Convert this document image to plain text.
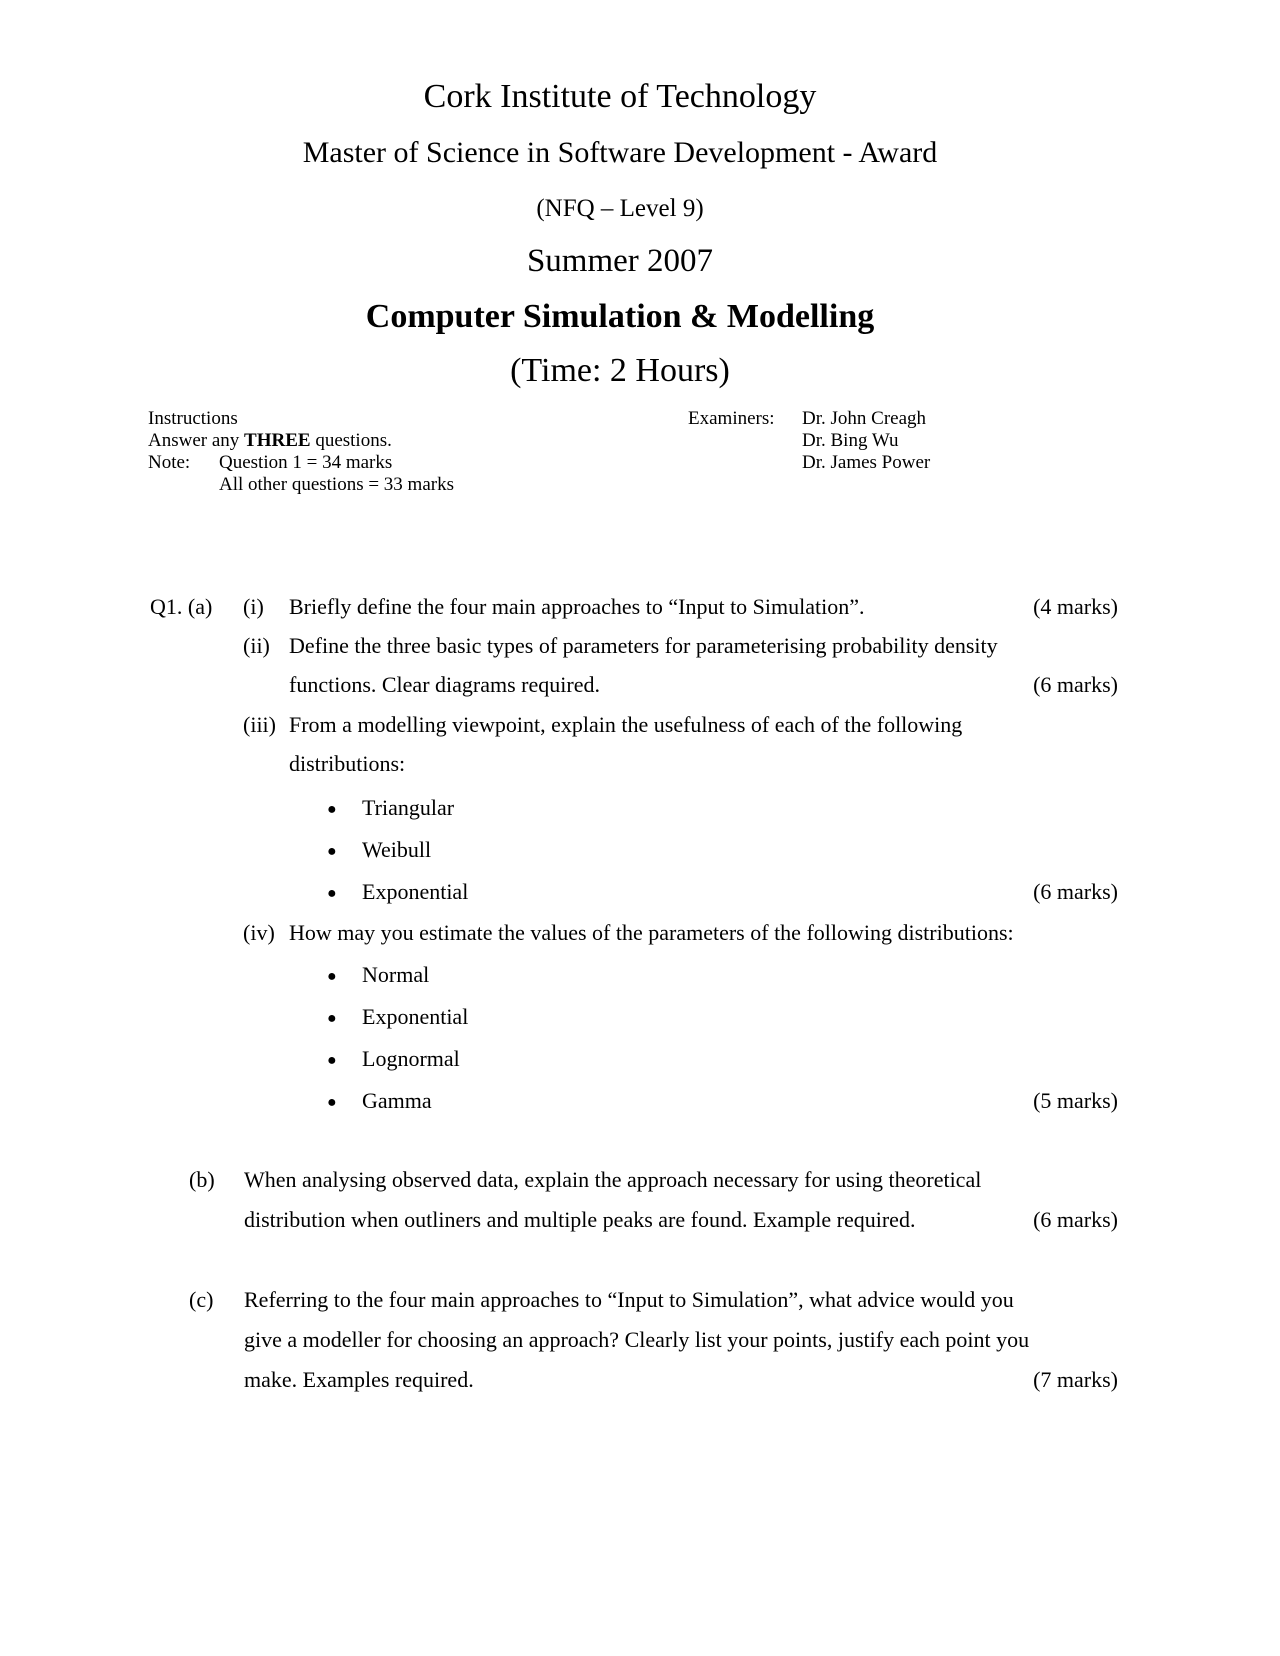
Cork Institute of Technology
Master of Science in Software Development - Award
(NFQ – Level 9)
Summer 2007
Computer Simulation & Modelling
(Time: 2 Hours)
Instructions
Answer any THREE questions.
Note: Question 1 = 34 marks
All other questions = 33 marks
Examiners: Dr. John Creagh
Dr. Bing Wu
Dr. James Power
Q1. (a) (i) Briefly define the four main approaches to “Input to Simulation”.	(4 marks)
(ii) Define the three basic types of parameters for parameterising probability density
functions. Clear diagrams required.	(6 marks)
(iii) From a modelling viewpoint, explain the usefulness of each of the following
distributions:
● Triangular
● Weibull
● Exponential	(6 marks)
(iv) How may you estimate the values of the parameters of the following distributions:
● Normal
● Exponential
● Lognormal
● Gamma	(5 marks)
(b) When analysing observed data, explain the approach necessary for using theoretical
distribution when outliners and multiple peaks are found. Example required.	(6 marks)
(c) Referring to the four main approaches to “Input to Simulation”, what advice would you
give a modeller for choosing an approach? Clearly list your points, justify each point you
make. Examples required.	(7 marks)
